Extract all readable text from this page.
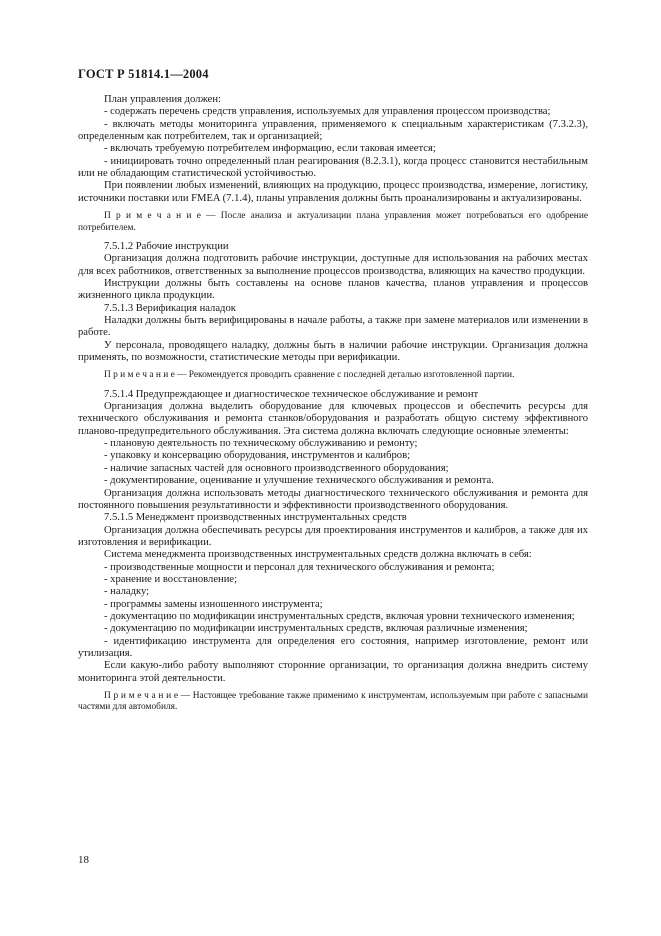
ГОСТ Р 51814.1—2004

План управления должен:

- содержать перечень средств управления, используемых для управления процессом производства;

- включать методы мониторинга управления, применяемого к специальным характеристикам (7.3.2.3), определенным как потребителем, так и организацией;

- включать требуемую потребителем информацию, если таковая имеется;

- инициировать точно определенный план реагирования (8.2.3.1), когда процесс становится нестабильным или не обладающим статистической устойчивостью.

При появлении любых изменений, влияющих на продукцию, процесс производства, измерение, логистику, источники поставки или FMEA (7.1.4), планы управления должны быть проанализированы и актуализированы.

П р и м е ч а н и е — После анализа и актуализации плана управления может потребоваться его одобрение потребителем.

7.5.1.2 Рабочие инструкции

Организация должна подготовить рабочие инструкции, доступные для использования на рабочих местах для всех работников, ответственных за выполнение процессов производства, влияющих на качество продукции.

Инструкции должны быть составлены на основе планов качества, планов управления и процессов жизненного цикла продукции.

7.5.1.3 Верификация наладок

Наладки должны быть верифицированы в начале работы, а также при замене материалов или изменении в работе.

У персонала, проводящего наладку, должны быть в наличии рабочие инструкции. Организация должна применять, по возможности, статистические методы при верификации.

П р и м е ч а н и е — Рекомендуется проводить сравнение с последней деталью изготовленной партии.

7.5.1.4 Предупреждающее и диагностическое техническое обслуживание и ремонт

Организация должна выделить оборудование для ключевых процессов и обеспечить ресурсы для технического обслуживания и ремонта станков/оборудования и разработать общую систему эффективного планово-предупредительного обслуживания. Эта система должна включать следующие основные элементы:

- плановую деятельность по техническому обслуживанию и ремонту;

- упаковку и консервацию оборудования, инструментов и калибров;

- наличие запасных частей для основного производственного оборудования;

- документирование, оценивание и улучшение технического обслуживания и ремонта.

Организация должна использовать методы диагностического технического обслуживания и ремонта для постоянного повышения результативности и эффективности производственного оборудования.

7.5.1.5 Менеджмент производственных инструментальных средств

Организация должна обеспечивать ресурсы для проектирования инструментов и калибров, а также для их изготовления и верификации.

Система менеджмента производственных инструментальных средств должна включать в себя:

- производственные мощности и персонал для технического обслуживания и ремонта;

- хранение и восстановление;

- наладку;

- программы замены изношенного инструмента;

- документацию по модификации инструментальных средств, включая уровни технического изменения;

- документацию по модификации инструментальных средств, включая различные изменения;

- идентификацию инструмента для определения его состояния, например изготовление, ремонт или утилизация.

Если какую-либо работу выполняют сторонние организации, то организация должна внедрить систему мониторинга этой деятельности.

П р и м е ч а н и е — Настоящее требование также применимо к инструментам, используемым при работе с запасными частями для автомобиля.

18
